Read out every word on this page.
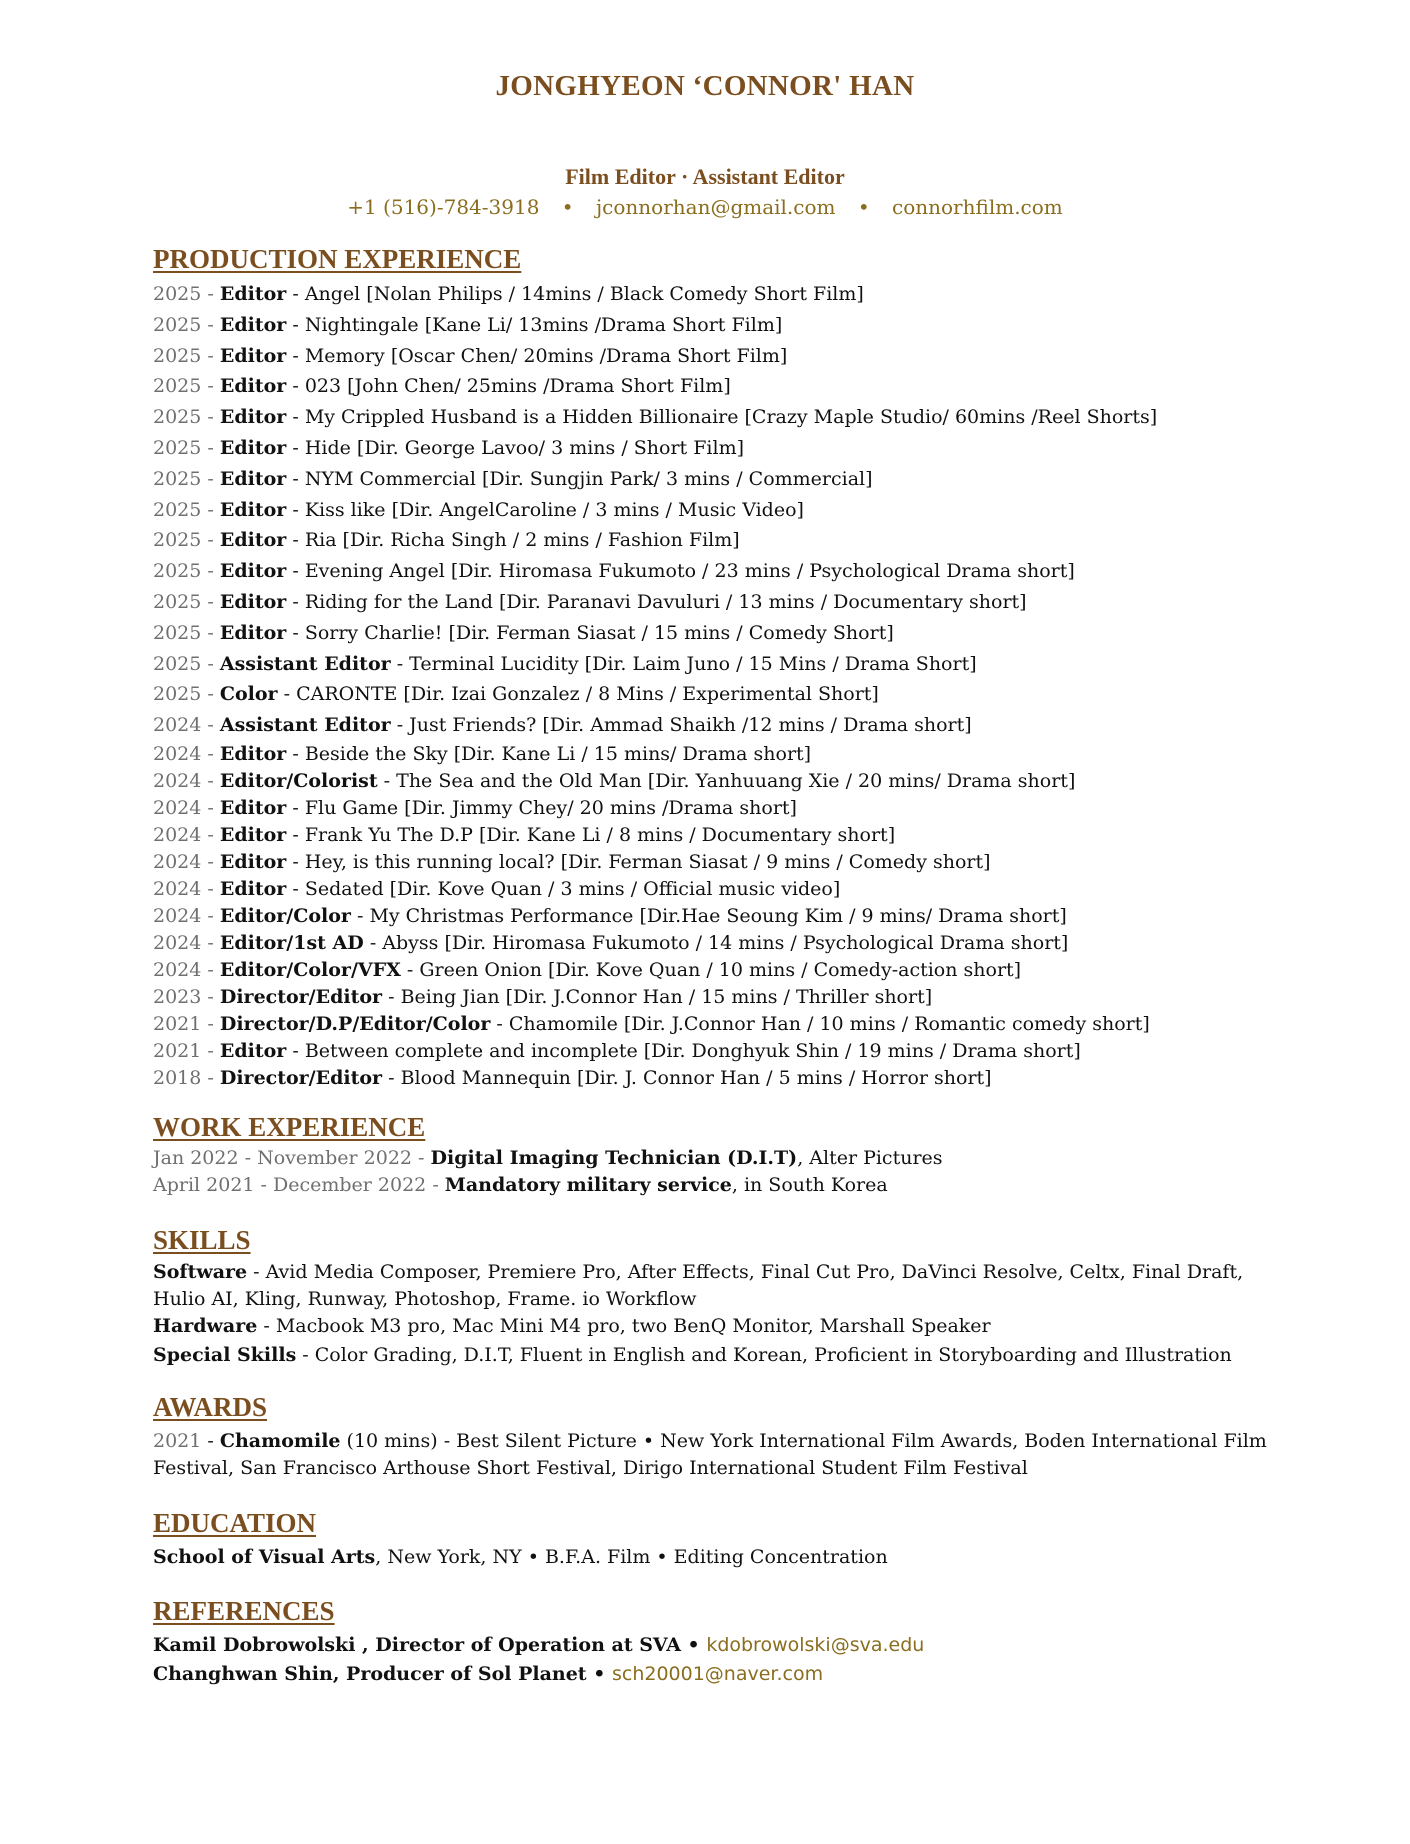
JONGHYEON ‘CONNOR' HAN
Film Editor · Assistant Editor
+1 (516)-784-3918 • jconnorhan@gmail.com • connorhfilm.com
PRODUCTION EXPERIENCE
2025 - Editor - Angel [Nolan Philips / 14mins / Black Comedy Short Film]
2025 - Editor - Nightingale [Kane Li/ 13mins /Drama Short Film]
2025 - Editor - Memory [Oscar Chen/ 20mins /Drama Short Film]
2025 - Editor - 023 [John Chen/ 25mins /Drama Short Film]
2025 - Editor - My Crippled Husband is a Hidden Billionaire [Crazy Maple Studio/ 60mins /Reel Shorts]
2025 - Editor - Hide [Dir. George Lavoo/ 3 mins / Short Film]
2025 - Editor - NYM Commercial [Dir. Sungjin Park/ 3 mins / Commercial]
2025 - Editor - Kiss like [Dir. AngelCaroline / 3 mins / Music Video]
2025 - Editor - Ria [Dir. Richa Singh / 2 mins / Fashion Film]
2025 - Editor - Evening Angel [Dir. Hiromasa Fukumoto / 23 mins / Psychological Drama short]
2025 - Editor - Riding for the Land [Dir. Paranavi Davuluri / 13 mins / Documentary short]
2025 - Editor - Sorry Charlie! [Dir. Ferman Siasat / 15 mins / Comedy Short]
2025 - Assistant Editor - Terminal Lucidity [Dir. Laim Juno / 15 Mins / Drama Short]
2025 - Color - CARONTE [Dir. Izai Gonzalez / 8 Mins / Experimental Short]
2024 - Assistant Editor - Just Friends? [Dir. Ammad Shaikh /12 mins / Drama short]
2024 - Editor - Beside the Sky [Dir. Kane Li / 15 mins/ Drama short]
2024 - Editor/Colorist - The Sea and the Old Man [Dir. Yanhuuang Xie / 20 mins/ Drama short]
2024 - Editor - Flu Game [Dir. Jimmy Chey/ 20 mins /Drama short]
2024 - Editor - Frank Yu The D.P [Dir. Kane Li / 8 mins / Documentary short]
2024 - Editor - Hey, is this running local? [Dir. Ferman Siasat / 9 mins / Comedy short]
2024 - Editor - Sedated [Dir. Kove Quan / 3 mins / Official music video]
2024 - Editor/Color - My Christmas Performance [Dir.Hae Seoung Kim / 9 mins/ Drama short]
2024 - Editor/1st AD - Abyss [Dir. Hiromasa Fukumoto / 14 mins / Psychological Drama short]
2024 - Editor/Color/VFX - Green Onion [Dir. Kove Quan / 10 mins / Comedy-action short]
2023 - Director/Editor - Being Jian [Dir. J.Connor Han / 15 mins / Thriller short]
2021 - Director/D.P/Editor/Color - Chamomile [Dir. J.Connor Han / 10 mins / Romantic comedy short]
2021 - Editor - Between complete and incomplete [Dir. Donghyuk Shin / 19 mins / Drama short]
2018 - Director/Editor - Blood Mannequin [Dir. J. Connor Han / 5 mins / Horror short]
WORK EXPERIENCE
Jan 2022 - November 2022 - Digital Imaging Technician (D.I.T), Alter Pictures
April 2021 - December 2022 - Mandatory military service, in South Korea
SKILLS
Software - Avid Media Composer, Premiere Pro, After Effects, Final Cut Pro, DaVinci Resolve, Celtx, Final Draft, Hulio AI, Kling, Runway, Photoshop, Frame. io Workflow
Hardware - Macbook M3 pro, Mac Mini M4 pro, two BenQ Monitor, Marshall Speaker
Special Skills - Color Grading, D.I.T, Fluent in English and Korean, Proficient in Storyboarding and Illustration
AWARDS
2021 - Chamomile (10 mins) - Best Silent Picture • New York International Film Awards, Boden International Film Festival, San Francisco Arthouse Short Festival, Dirigo International Student Film Festival
EDUCATION
School of Visual Arts, New York, NY • B.F.A. Film • Editing Concentration
REFERENCES
Kamil Dobrowolski , Director of Operation at SVA • kdobrowolski@sva.edu
Changhwan Shin, Producer of Sol Planet • sch20001@naver.com
